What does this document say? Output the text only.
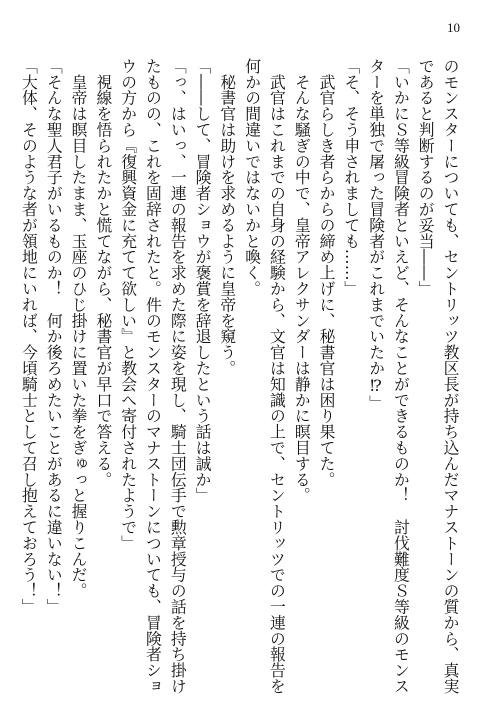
10
のモンスターについても、セントリッツ教区長が持ち込んだマナストーンの質から、真実
であると判断するのが妥当――」
「いかにＳ等級冒険者といえど、そんなことができるものか！　討伐難度Ｓ等級のモンス
ターを単独で屠った冒険者がこれまでいたか⁉」
「そ、そう申されましても……」
　武官らしき者らからの締め上げに、秘書官は困り果てた。
　そんな騒ぎの中で、皇帝アレクサンダーは静かに瞑目する。
　武官はこれまでの自身の経験から、文官は知識の上で、セントリッツでの一連の報告を
何かの間違いではないかと喚く。
　秘書官は助けを求めるように皇帝を窺う。
「――して、冒険者ショウが褒賞を辞退したという話は誠か」
「っ、はいっ、一連の報告を求めた際に姿を現し、騎士団伝手で勲章授与の話を持ち掛け
たものの、これを固辞されたと。件のモンスターのマナストーンについても、冒険者ショ
ウの方から『復興資金に充てて欲しい』と教会へ寄付されたようで」
　視線を悟られたかと慌てながら、秘書官が早口で答える。
　皇帝は瞑目したまま、玉座のひじ掛けに置いた拳をぎゅっと握りこんだ。
「そんな聖人君子がいるものか！　何か後ろめたいことがあるに違いない！」
「大体、そのような者が領地にいれば、今頃騎士として召し抱えておろう！」
